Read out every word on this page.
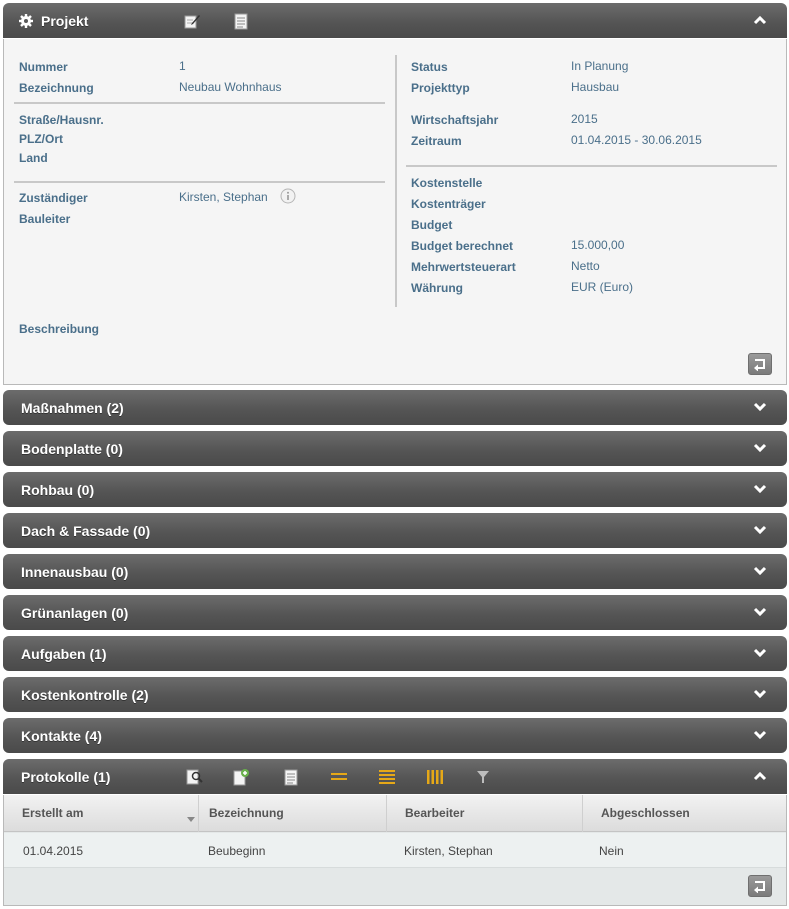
Projekt
Nummer	1
Bezeichnung	Neubau Wohnhaus
Straße/Hausnr.
PLZ/Ort
Land
Zuständiger	Kirsten, Stephan
Bauleiter
Status	In Planung
Projekttyp	Hausbau
Wirtschaftsjahr	2015
Zeitraum	01.04.2015 - 30.06.2015
Kostenstelle
Kostenträger
Budget
Budget berechnet	15.000,00
Mehrwertsteuerart	Netto
Währung	EUR (Euro)
Beschreibung
Maßnahmen (2)
Bodenplatte (0)
Rohbau (0)
Dach & Fassade (0)
Innenausbau (0)
Grünanlagen (0)
Aufgaben (1)
Kostenkontrolle (2)
Kontakte (4)
Protokolle (1)
Erstellt am	Bezeichnung	Bearbeiter	Abgeschlossen
01.04.2015	Beubeginn	Kirsten, Stephan	Nein
